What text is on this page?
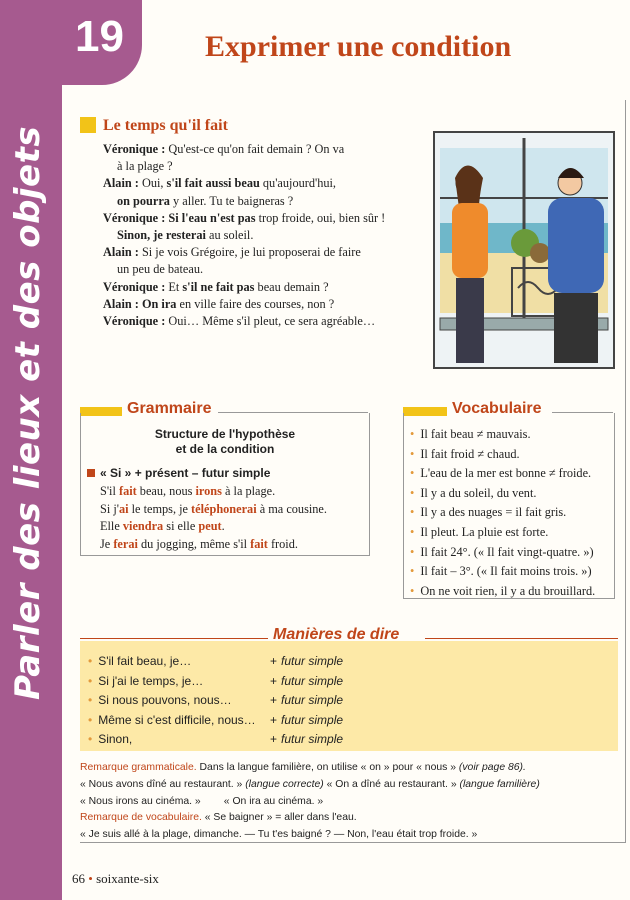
Parler des lieux et des objets
19	Exprimer une condition
Le temps qu'il fait

Véronique : Qu'est-ce qu'on fait demain ? On va

à la plage ?

Alain : Oui, s'il fait aussi beau qu'aujourd'hui,

on pourra y aller. Tu te baigneras ?

Véronique : Si l'eau n'est pas trop froide, oui, bien sûr !

Sinon, je resterai au soleil.

Alain : Si je vois Grégoire, je lui proposerai de faire

un peu de bateau.

Véronique : Et s'il ne fait pas beau demain ?

Alain : On ira en ville faire des courses, non ?

Véronique : Oui… Même s'il pleut, ce sera agréable…

Grammaire
Structure de l'hypothèse
et de la condition
« Si » + présent – futur simple

S'il fait beau, nous irons à la plage.

Si j'ai le temps, je téléphonerai à ma cousine.

Elle viendra si elle peut.

Je ferai du jogging, même s'il fait froid.

Vocabulaire
• Il fait beau ≠ mauvais.
• Il fait froid ≠ chaud.
• L'eau de la mer est bonne ≠ froide.
• Il y a du soleil, du vent.
• Il y a des nuages = il fait gris.
• Il pleut. La pluie est forte.
• Il fait 24°. (« Il fait vingt-quatre. »)
• Il fait – 3°. (« Il fait moins trois. »)
• On ne voit rien, il y a du brouillard.
Manières de dire
• S'il fait beau, je…
• Si j'ai le temps, je…
• Si nous pouvons, nous…
• Même si c'est difficile, nous…
• Sinon,
+ futur simple
+ futur simple
+ futur simple
+ futur simple
+ futur simple

Remarque grammaticale. Dans la langue familière, on utilise « on » pour « nous » (voir page 86).

« Nous avons dîné au restaurant. » (langue correcte) « On a dîné au restaurant. » (langue familière)

« Nous irons au cinéma. »        « On ira au cinéma. »

Remarque de vocabulaire. « Se baigner » = aller dans l'eau.

« Je suis allé à la plage, dimanche. — Tu t'es baigné ? — Non, l'eau était trop froide. »

66 • soixante-six
